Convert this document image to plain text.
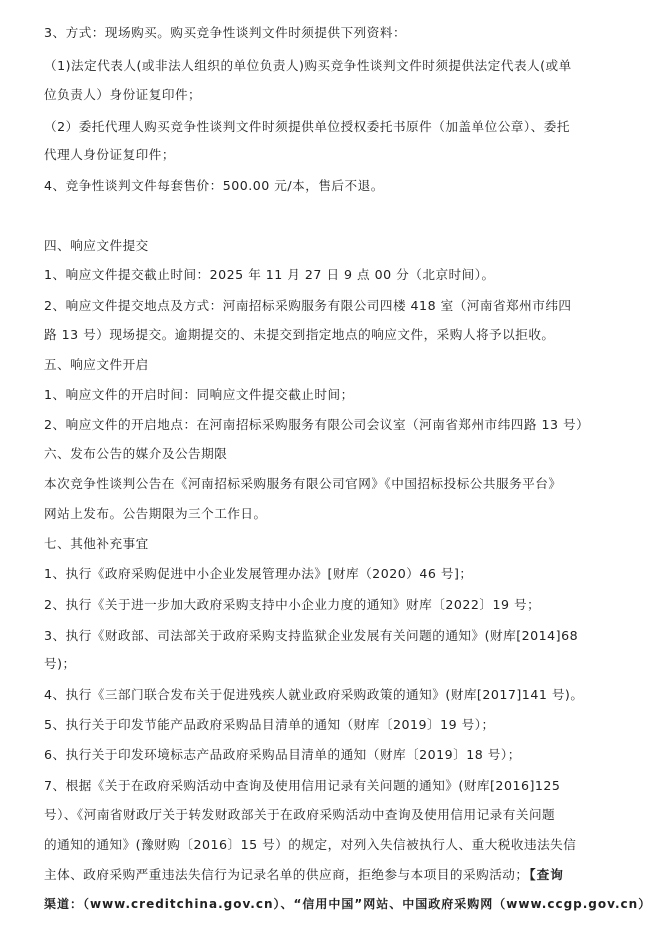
3、方式：现场购买。购买竞争性谈判文件时须提供下列资料：
（1)法定代表人(或非法人组织的单位负责人)购买竞争性谈判文件时须提供法定代表人(或单
位负责人）身份证复印件；
（2）委托代理人购买竞争性谈判文件时须提供单位授权委托书原件（加盖单位公章）、委托
代理人身份证复印件；
4、竞争性谈判文件每套售价：500.00 元/本，售后不退。
四、响应文件提交
1、响应文件提交截止时间：2025 年 11 月 27 日 9 点 00 分（北京时间）。
2、响应文件提交地点及方式：河南招标采购服务有限公司四楼 418 室（河南省郑州市纬四
路 13 号）现场提交。逾期提交的、未提交到指定地点的响应文件，采购人将予以拒收。
五、响应文件开启
1、响应文件的开启时间：同响应文件提交截止时间；
2、响应文件的开启地点：在河南招标采购服务有限公司会议室（河南省郑州市纬四路 13 号）
六、发布公告的媒介及公告期限
本次竞争性谈判公告在《河南招标采购服务有限公司官网》《中国招标投标公共服务平台》
网站上发布。公告期限为三个工作日。
七、其他补充事宜
1、执行《政府采购促进中小企业发展管理办法》[财库（2020）46 号]；
2、执行《关于进一步加大政府采购支持中小企业力度的通知》财库〔2022〕19 号；
3、执行《财政部、司法部关于政府采购支持监狱企业发展有关问题的通知》(财库[2014]68
号)；
4、执行《三部门联合发布关于促进残疾人就业政府采购政策的通知》(财库[2017]141 号)。
5、执行关于印发节能产品政府采购品目清单的通知（财库〔2019〕19 号）；
6、执行关于印发环境标志产品政府采购品目清单的通知（财库〔2019〕18 号）；
7、根据《关于在政府采购活动中查询及使用信用记录有关问题的通知》(财库[2016]125
号）、《河南省财政厅关于转发财政部关于在政府采购活动中查询及使用信用记录有关问题
的通知的通知》(豫财购〔2016〕15 号）的规定，对列入失信被执行人、重大税收违法失信
主体、政府采购严重违法失信行为记录名单的供应商，拒绝参与本项目的采购活动；
【查询
渠道：（www.creditchina.gov.cn）、“信用中国”网站、中国政府采购网（www.ccgp.gov.cn）
